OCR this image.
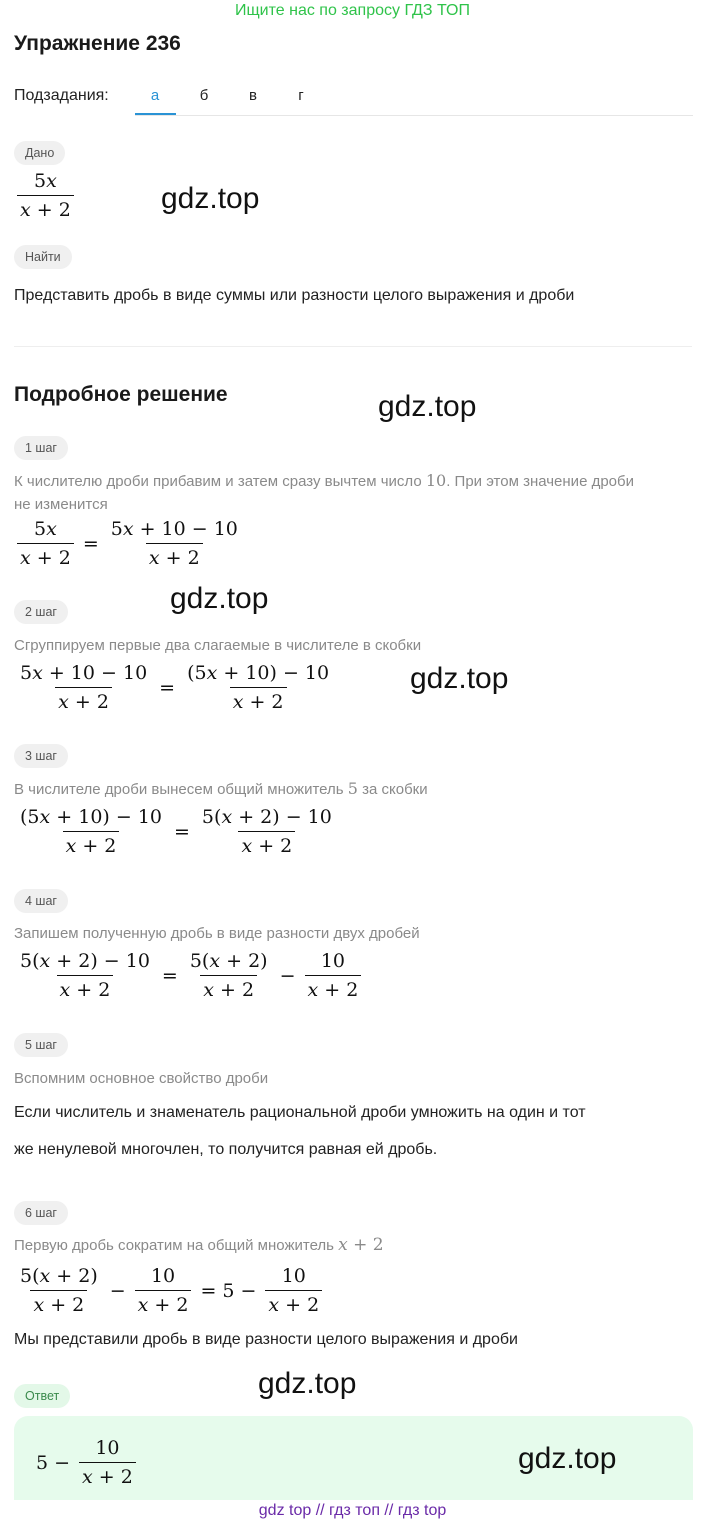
Ищите нас по запросу ГДЗ ТОП
Упражнение 236
Подзадания:	а	б	в	г
Дано
$\frac{5x}{x + 2}$	gdz.top
Найти
Представить дробь в виде суммы или разности целого выражения и дроби
Подробное решение	gdz.top
1 шаг
К числителю дроби прибавим и затем сразу вычтем число 10. При этом значение дроби
не изменится
$\frac{5x}{x + 2} = \frac{5x + 10 - 10}{x + 2}$
gdz.top
2 шаг
Сгруппируем первые два слагаемые в числителе в скобки
$\frac{5x + 10 - 10}{x + 2} = \frac{(5x + 10) - 10}{x + 2}$	gdz.top
3 шаг
В числителе дроби вынесем общий множитель 5 за скобки
$\frac{(5x + 10) - 10}{x + 2} = \frac{5(x + 2) - 10}{x + 2}$
4 шаг
Запишем полученную дробь в виде разности двух дробей
$\frac{5(x + 2) - 10}{x + 2} = \frac{5(x + 2)}{x + 2} - \frac{10}{x + 2}$
5 шаг
Вспомним основное свойство дроби
Если числитель и знаменатель рациональной дроби умножить на один и тот
же ненулевой многочлен, то получится равная ей дробь.
6 шаг
Первую дробь сократим на общий множитель x + 2
$\frac{5(x + 2)}{x + 2} - \frac{10}{x + 2} = 5 - \frac{10}{x + 2}$
Мы представили дробь в виде разности целого выражения и дроби
Ответ	gdz.top
$5 - \frac{10}{x + 2}$	gdz.top
gdz top // гдз топ // гдз top
